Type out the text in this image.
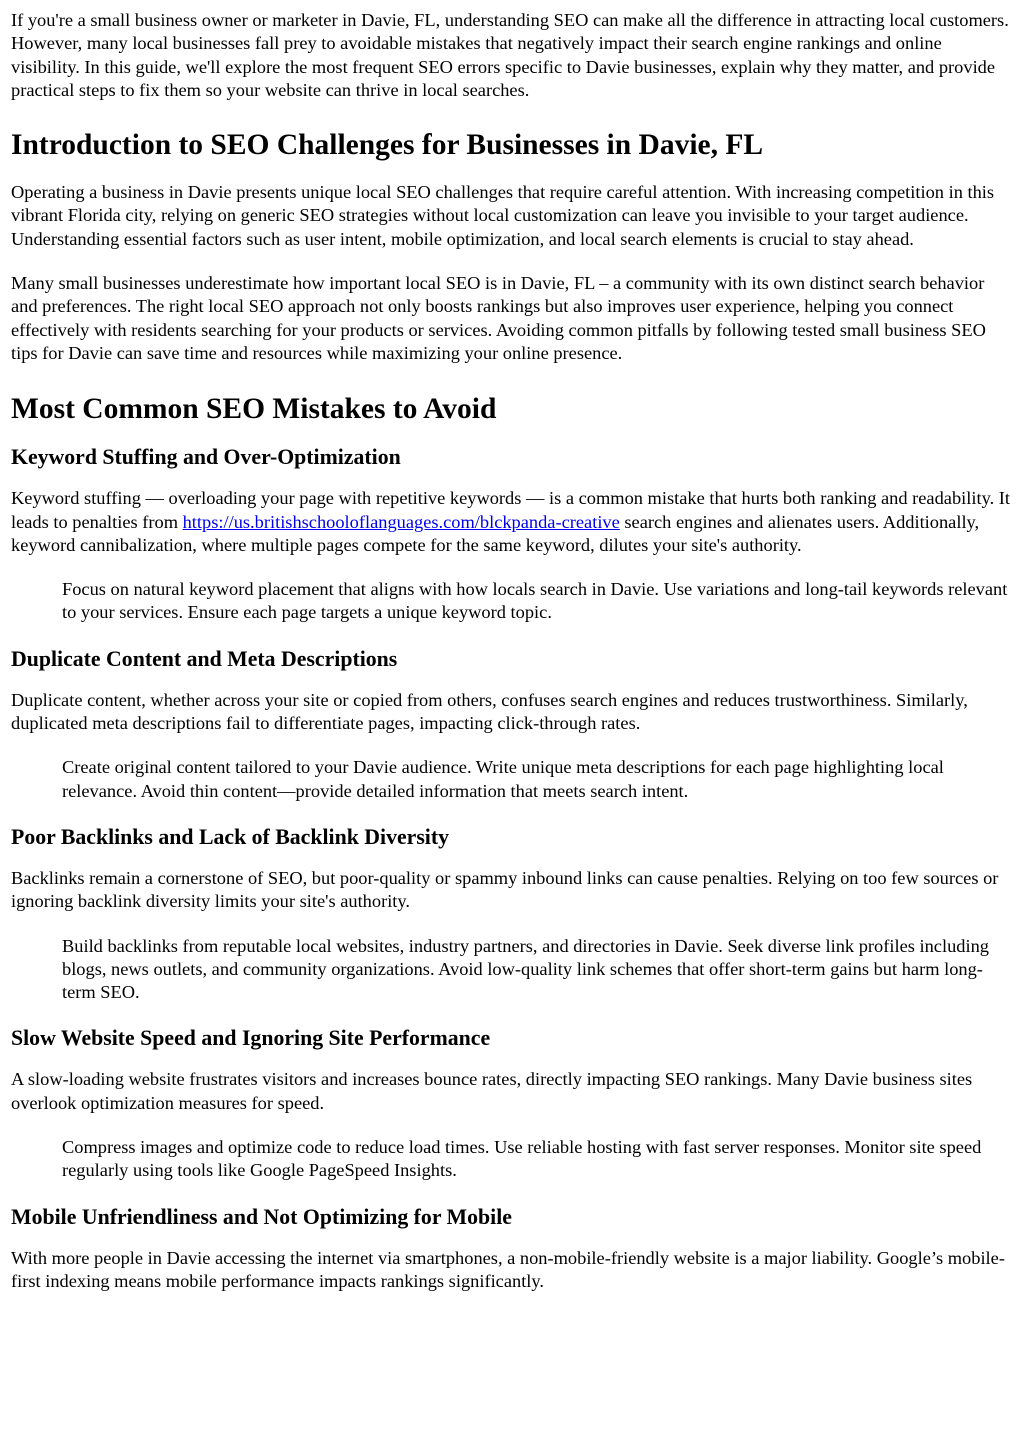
If you're a small business owner or marketer in Davie, FL, understanding SEO can make all the difference in attracting local customers. However, many local businesses fall prey to avoidable mistakes that negatively impact their search engine rankings and online visibility. In this guide, we'll explore the most frequent SEO errors specific to Davie businesses, explain why they matter, and provide practical steps to fix them so your website can thrive in local searches.

Introduction to SEO Challenges for Businesses in Davie, FL

Operating a business in Davie presents unique local SEO challenges that require careful attention. With increasing competition in this vibrant Florida city, relying on generic SEO strategies without local customization can leave you invisible to your target audience. Understanding essential factors such as user intent, mobile optimization, and local search elements is crucial to stay ahead.

Many small businesses underestimate how important local SEO is in Davie, FL – a community with its own distinct search behavior and preferences. The right local SEO approach not only boosts rankings but also improves user experience, helping you connect effectively with residents searching for your products or services. Avoiding common pitfalls by following tested small business SEO tips for Davie can save time and resources while maximizing your online presence.

Most Common SEO Mistakes to Avoid
Keyword Stuffing and Over-Optimization

Keyword stuffing — overloading your page with repetitive keywords — is a common mistake that hurts both ranking and readability. It leads to penalties from https://us.britishschooloflanguages.com/blckpanda-creative search engines and alienates users. Additionally, keyword cannibalization, where multiple pages compete for the same keyword, dilutes your site's authority.

Focus on natural keyword placement that aligns with how locals search in Davie. Use variations and long-tail keywords relevant to your services. Ensure each page targets a unique keyword topic.
Duplicate Content and Meta Descriptions

Duplicate content, whether across your site or copied from others, confuses search engines and reduces trustworthiness. Similarly, duplicated meta descriptions fail to differentiate pages, impacting click-through rates.

Create original content tailored to your Davie audience. Write unique meta descriptions for each page highlighting local relevance. Avoid thin content—provide detailed information that meets search intent.
Poor Backlinks and Lack of Backlink Diversity

Backlinks remain a cornerstone of SEO, but poor-quality or spammy inbound links can cause penalties. Relying on too few sources or ignoring backlink diversity limits your site's authority.

Build backlinks from reputable local websites, industry partners, and directories in Davie. Seek diverse link profiles including blogs, news outlets, and community organizations. Avoid low-quality link schemes that offer short-term gains but harm long-term SEO.
Slow Website Speed and Ignoring Site Performance

A slow-loading website frustrates visitors and increases bounce rates, directly impacting SEO rankings. Many Davie business sites overlook optimization measures for speed.

Compress images and optimize code to reduce load times. Use reliable hosting with fast server responses. Monitor site speed regularly using tools like Google PageSpeed Insights.
Mobile Unfriendliness and Not Optimizing for Mobile

With more people in Davie accessing the internet via smartphones, a non-mobile-friendly website is a major liability. Google’s mobile-first indexing means mobile performance impacts rankings significantly.
